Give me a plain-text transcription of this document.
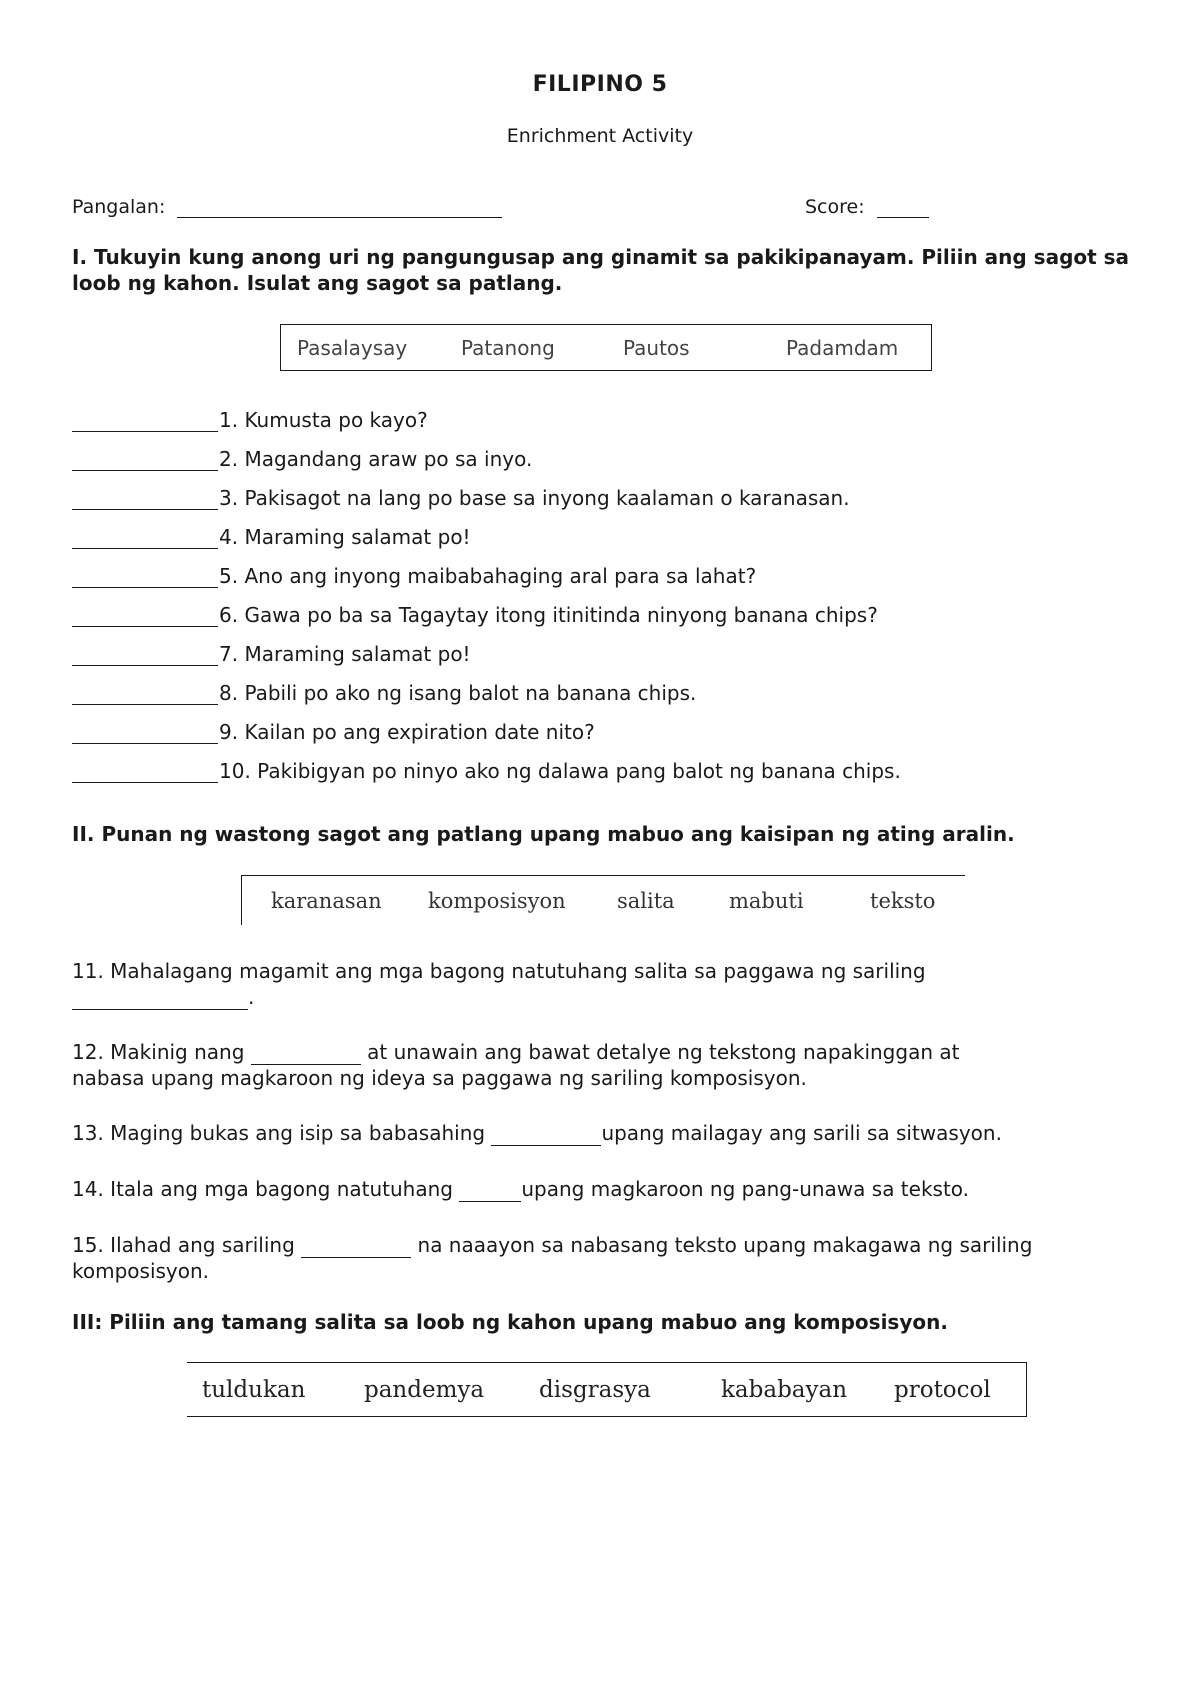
FILIPINO 5
Enrichment Activity
Pangalan:	Score:
I. Tukuyin kung anong uri ng pangungusap ang ginamit sa pakikipanayam. Piliin ang sagot sa loob ng kahon. Isulat ang sagot sa patlang.
Pasalaysay	Patanong	Pautos	Padamdam
1. Kumusta po kayo?
2. Magandang araw po sa inyo.
3. Pakisagot na lang po base sa inyong kaalaman o karanasan.
4. Maraming salamat po!
5. Ano ang inyong maibabahaging aral para sa lahat?
6. Gawa po ba sa Tagaytay itong itinitinda ninyong banana chips?
7. Maraming salamat po!
8. Pabili po ako ng isang balot na banana chips.
9. Kailan po ang expiration date nito?
10. Pakibigyan po ninyo ako ng dalawa pang balot ng banana chips.
II. Punan ng wastong sagot ang patlang upang mabuo ang kaisipan ng ating aralin.
karanasan komposisyon salita	mabuti	teksto
11. Mahalagang magamit ang mga bagong natutuhang salita sa paggawa ng sariling
.
12. Makinig nang	at unawain ang bawat detalye ng tekstong napakinggan at
nabasa upang magkaroon ng ideya sa paggawa ng sariling komposisyon.
13. Maging bukas ang isip sa babasahing	upang mailagay ang sarili sa sitwasyon.
14. Itala ang mga bagong natutuhang	upang magkaroon ng pang-unawa sa teksto.
15. Ilahad ang sariling	na naaayon sa nabasang teksto upang makagawa ng sariling
komposisyon.
III: Piliin ang tamang salita sa loob ng kahon upang mabuo ang komposisyon.
tuldukan	pandemya disgrasya	kababayan protocol
